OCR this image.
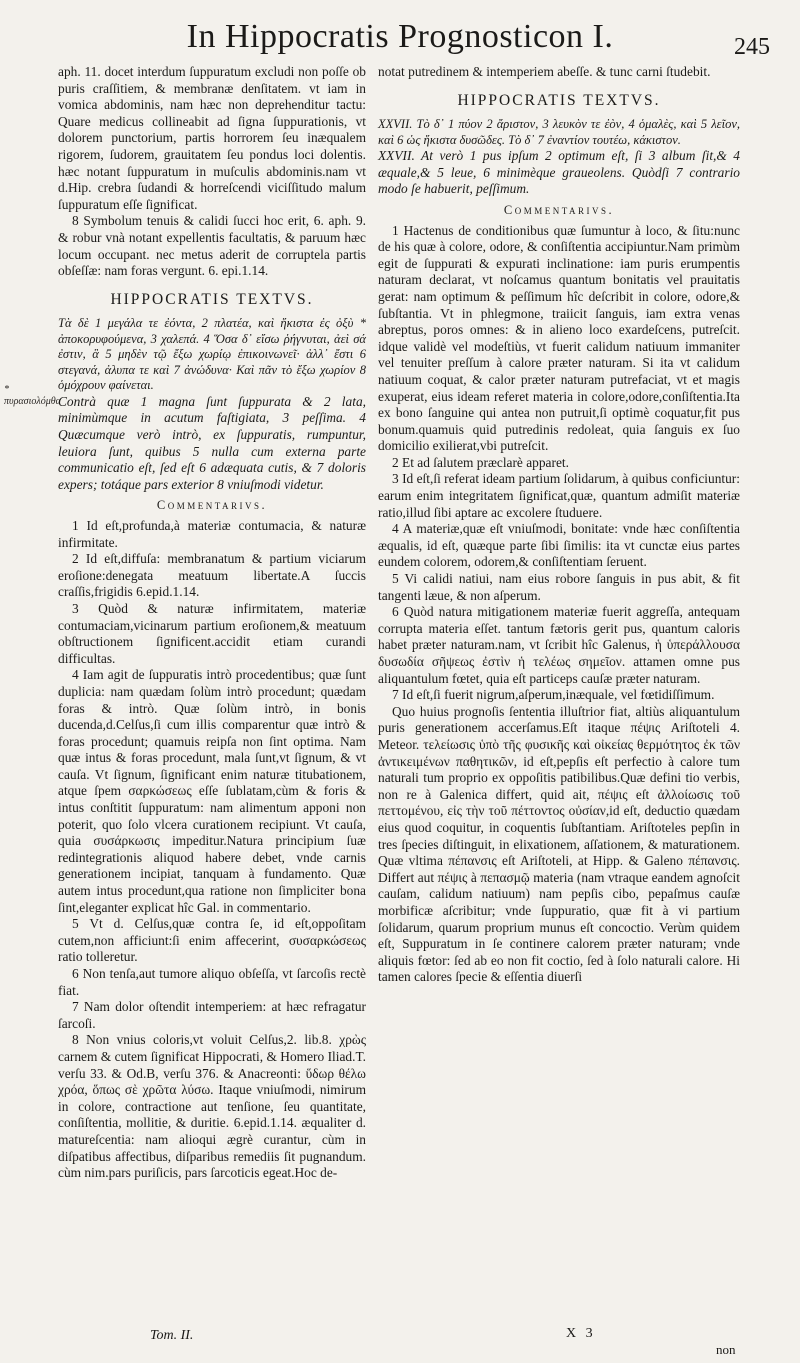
In Hippocratis Prognosticon I.	245
* πυρασιολόμθα

aph. 11. docet interdum ſuppuratum excludi non poſſe ob puris craſſitiem, & membranæ denſitatem. vt iam in vomica abdominis, nam hæc non deprehenditur tactu: Quare medicus collineabit ad ſigna ſuppurationis, vt dolorem punctorium, partis horrorem ſeu inæqualem rigorem, ſudorem, grauitatem ſeu pondus loci dolentis. hæc notant ſuppuratum in muſculis abdominis.nam vt d.Hip. crebra ſudandi & horreſcendi viciſſitudo malum ſuppuratum eſſe ſignificat.

8 Symbolum tenuis & calidi ſucci hoc erit, 6. aph. 9. & robur vnà notant expellentis facultatis, & paruum hæc locum occupant. nec metus aderit de corruptela partis obſeſſæ: nam foras vergunt. 6. epi.1.14.

HIPPOCRATIS TEXTVS.

Τὰ δὲ 1 μεγάλα τε ἐόντα, 2 πλατέα, καὶ ἥκιστα ἐς ὀξὺ * ἀποκορυφούμενα, 3 χαλεπά. 4 Ὅσα δ᾽ εἴσω ῥήγνυται, ἀεὶ σά ἐστιν, ἃ 5 μηδὲν τῷ ἔξω χωρίῳ ἐπικοινωνεῖ· ἀλλ᾽ ἔστι 6 στεγανά, ἀλυπα τε καὶ 7 ἀνώδυνα· Καὶ πᾶν τὸ ἔξω χωρίον 8 ὁμόχρουν φαίνεται.

Contrà quæ 1 magna ſunt ſuppurata & 2 lata, minimùmque in acutum faſtigiata, 3 peſſima. 4 Quæcumque verò intrò, ex ſuppuratis, rumpuntur, leuiora ſunt, quibus 5 nulla cum externa parte communicatio eſt, ſed eſt 6 adæquata cutis, & 7 doloris expers; totáque pars exterior 8 vniuſmodi videtur.

Commentarivs.

1 Id eſt,profunda,à materiæ contumacia, & naturæ infirmitate.

2 Id eſt,diffuſa: membranatum & partium viciarum eroſione:denegata meatuum libertate.A ſuccis craſſis,frigidis 6.epid.1.14.

3 Quòd & naturæ infirmitatem, materiæ contumaciam,vicinarum partium eroſionem,& meatuum obſtructionem ſignificent.accidit etiam curandi difficultas.

4 Iam agit de ſuppuratis intrò procedentibus; quæ ſunt duplicia: nam quædam ſolùm intrò procedunt; quædam foras & intrò. Quæ ſolùm intrò, in bonis ducenda,d.Celſus,ſi cum illis comparentur quæ intrò & foras procedunt; quamuis reipſa non ſint optima. Nam quæ intus & foras procedunt, mala ſunt,vt ſignum, & vt cauſa. Vt ſignum, ſignificant enim naturæ titubationem, atque ſpem σαρκώσεως eſſe ſublatam,cùm & foris & intus conſtitit ſuppuratum: nam alimentum apponi non poterit, quo ſolo vlcera curationem recipiunt. Vt cauſa, quia συσάρκωσις impeditur.Natura principium ſuæ redintegrationis aliquod habere debet, vnde carnis generationem incipiat, tanquam à fundamento. Quæ autem intus procedunt,qua ratione non ſimpliciter bona ſint,eleganter explicat hîc Gal. in commentario.

5 Vt d. Celſus,quæ contra ſe, id eſt,oppoſitam cutem,non afficiunt:ſi enim affecerint, συσαρκώσεως ratio tolleretur.

6 Non tenſa,aut tumore aliquo obſeſſa, vt ſarcoſis rectè fiat.

7 Nam dolor oſtendit intemperiem: at hæc refragatur ſarcoſi.

8 Non vnius coloris,vt voluit Celſus,2. lib.8. χρὼς carnem & cutem ſignificat Hippocrati, & Homero Iliad.T. verſu 33. & Od.B, verſu 376. & Anacreonti: ὕδωρ θέλω χρόα, ὅπως σὲ χρῶτα λύσω. Itaque vniuſmodi, nimirum in colore, contractione aut tenſione, ſeu quantitate, conſiſtentia, mollitie, & duritie. 6.epid.1.14. æqualiter d. matureſcentia: nam alioqui ægrè curantur, cùm in diſpatibus affectibus, diſparibus remediis ſit pugnandum. cùm nim.pars puriſicis, pars ſarcoticis egeat.Hoc de-

notat putredinem & intemperiem abeſſe. & tunc carni ſtudebit.

HIPPOCRATIS TEXTVS.

XXVII. Τὸ δ᾽ 1 πύον 2 ἄριστον, 3 λευκὸν τε ἐὸν, 4 ὁμαλὲς, καὶ 5 λεῖον, καὶ 6 ὡς ἥκιστα δυσῶδες. Τὸ δ᾽ 7 ἐναντίον τουτέω, κάκιστον.

XXVII. At verò 1 pus ipſum 2 optimum eſt, ſi 3 album ſit,& 4 æquale,& 5 leue, 6 minimèque graueolens. Quòdſi 7 contrario modo ſe habuerit, peſſimum.

Commentarivs.

1 Hactenus de conditionibus quæ ſumuntur à loco, & ſitu:nunc de his quæ à colore, odore, & conſiſtentia accipiuntur.Nam primùm egit de ſuppurati & expurati inclinatione: iam puris erumpentis naturam declarat, vt noſcamus quantum bonitatis vel prauitatis gerat: nam optimum & peſſimum hîc deſcribit in colore, odore,& ſubſtantia. Vt in phlegmone, traiicit ſanguis, iam extra venas abreptus, poros omnes: & in alieno loco exardeſcens, putreſcit. idque validè vel modeſtiùs, vt fuerit calidum natiuum immaniter vel tenuiter preſſum à calore præter naturam. Si ita vt calidum natiuum coquat, & calor præter naturam putrefaciat, vt et magis exuperat, eius ideam referet materia in colore,odore,conſiſtentia.Ita ex bono ſanguine qui antea non putruit,ſi optimè coquatur,fit pus bonum.quamuis quid putredinis redoleat, quia ſanguis ex ſuo domicilio exilierat,vbi putreſcit.

2 Et ad ſalutem præclarè apparet.

3 Id eſt,ſi referat ideam partium ſolidarum, à quibus conficiuntur: earum enim integritatem ſignificat,quæ, quantum admiſit materiæ ratio,illud ſibi aptare ac excolere ſtuduere.

4 A materiæ,quæ eſt vniuſmodi, bonitate: vnde hæc conſiſtentia æqualis, id eſt, quæque parte ſibi ſimilis: ita vt cunctæ eius partes eundem colorem, odorem,& conſiſtentiam ſeruent.

5 Vi calidi natiui, nam eius robore ſanguis in pus abit, & fit tangenti læue, & non aſperum.

6 Quòd natura mitigationem materiæ fuerit aggreſſa, antequam corrupta materia eſſet. tantum fætoris gerit pus, quantum caloris habet præter naturam.nam, vt ſcribit hîc Galenus, ἡ ὑπεράλλουσα δυσωδία σῆψεως ἐστὶν ἡ τελέως σημεῖον. attamen omne pus aliquantulum fœtet, quia eſt particeps cauſæ præter naturam.

7 Id eſt,ſi fuerit nigrum,aſperum,inæquale, vel fœtidiſſimum.

Quo huius prognoſis ſententia illuſtrior fiat, altiùs aliquantulum puris generationem accerſamus.Eſt itaque πέψις Ariſtoteli 4. Meteor. τελείωσις ὑπὸ τῆς φυσικῆς καὶ οἰκείας θερμότητος ἐκ τῶν ἀντικειμένων παθητικῶν, id eſt,pepſis eſt perfectio à calore tum naturali tum proprio ex oppoſitis patibilibus.Quæ defini tio verbis, non re à Galenica differt, quid ait, πέψις eſt ἀλλοίωσις τοῦ πεττομένου, εἰς τὴν τοῦ πέττοντος οὐσίαν,id eſt, deductio quædam eius quod coquitur, in coquentis ſubſtantiam. Ariſtoteles pepſin in tres ſpecies diſtinguit, in elixationem, aſſationem, & maturationem. Quæ vltima πέπανσις eſt Ariſtoteli, at Hipp. & Galeno πέπανσις. Differt aut πέψις à πεπασμῷ materia (nam vtraque eandem agnoſcit cauſam, calidum natiuum) nam pepſis cibo, pepaſmus cauſæ morbificæ aſcribitur; vnde ſuppuratio, quæ fit à vi partium ſolidarum, quarum proprium munus eſt concoctio. Verùm quidem eſt, Suppuratum in ſe continere calorem præter naturam; vnde aliquis fœtor: ſed ab eo non fit coctio, ſed à ſolo naturali calore. Hi tamen calores ſpecie & eſſentia diuerſi

Tom. II.	X 3
non
